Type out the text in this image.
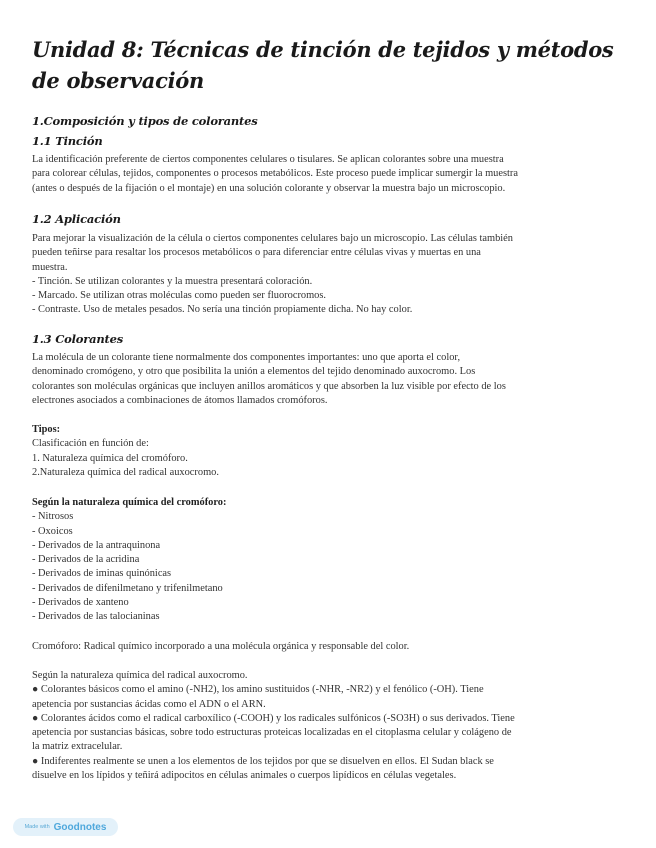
Unidad 8: Técnicas de tinción de tejidos y métodos de observación
1.Composición y tipos de colorantes
1.1 Tinción
La identificación preferente de ciertos componentes celulares o tisulares. Se aplican colorantes sobre una muestra
para colorear células, tejidos, componentes o procesos metabólicos. Este proceso puede implicar sumergir la muestra
(antes o después de la fijación o el montaje) en una solución colorante y observar la muestra bajo un microscopio.
1.2 Aplicación
Para mejorar la visualización de la célula o ciertos componentes celulares bajo un microscopio. Las células también
pueden teñirse para resaltar los procesos metabólicos o para diferenciar entre células vivas y muertas en una
muestra.
- Tinción. Se utilizan colorantes y la muestra presentará coloración.
- Marcado. Se utilizan otras moléculas como pueden ser fluorocromos.
- Contraste. Uso de metales pesados. No sería una tinción propiamente dicha. No hay color.
1.3 Colorantes
La molécula de un colorante tiene normalmente dos componentes importantes: uno que aporta el color,
denominado cromógeno, y otro que posibilita la unión a elementos del tejido denominado auxocromo. Los
colorantes son moléculas orgánicas que incluyen anillos aromáticos y que absorben la luz visible por efecto de los
electrones asociados a combinaciones de átomos llamados cromóforos.
Tipos:
Clasificación en función de:
1. Naturaleza química del cromóforo.
2.Naturaleza química del radical auxocromo.
Según la naturaleza química del cromóforo:
- Nitrosos
- Oxoicos
- Derivados de la antraquinona
- Derivados de la acridina
- Derivados de iminas quinónicas
- Derivados de difenilmetano y trifenilmetano
- Derivados de xanteno
- Derivados de las talocianinas
Cromóforo: Radical químico incorporado a una molécula orgánica y responsable del color.
Según la naturaleza química del radical auxocromo.
● Colorantes básicos como el amino (-NH2), los amino sustituidos (-NHR, -NR2) y el fenólico (-OH). Tiene
apetencia por sustancias ácidas como el ADN o el ARN.
● Colorantes ácidos como el radical carboxílico (-COOH) y los radicales sulfónicos (-SO3H) o sus derivados. Tiene
apetencia por sustancias básicas, sobre todo estructuras proteicas localizadas en el citoplasma celular y colágeno de
la matriz extracelular.
● Indiferentes realmente se unen a los elementos de los tejidos por que se disuelven en ellos. El Sudan black se
disuelve en los lípidos y teñirá adipocitos en células animales o cuerpos lipídicos en células vegetales.
Made with Goodnotes
